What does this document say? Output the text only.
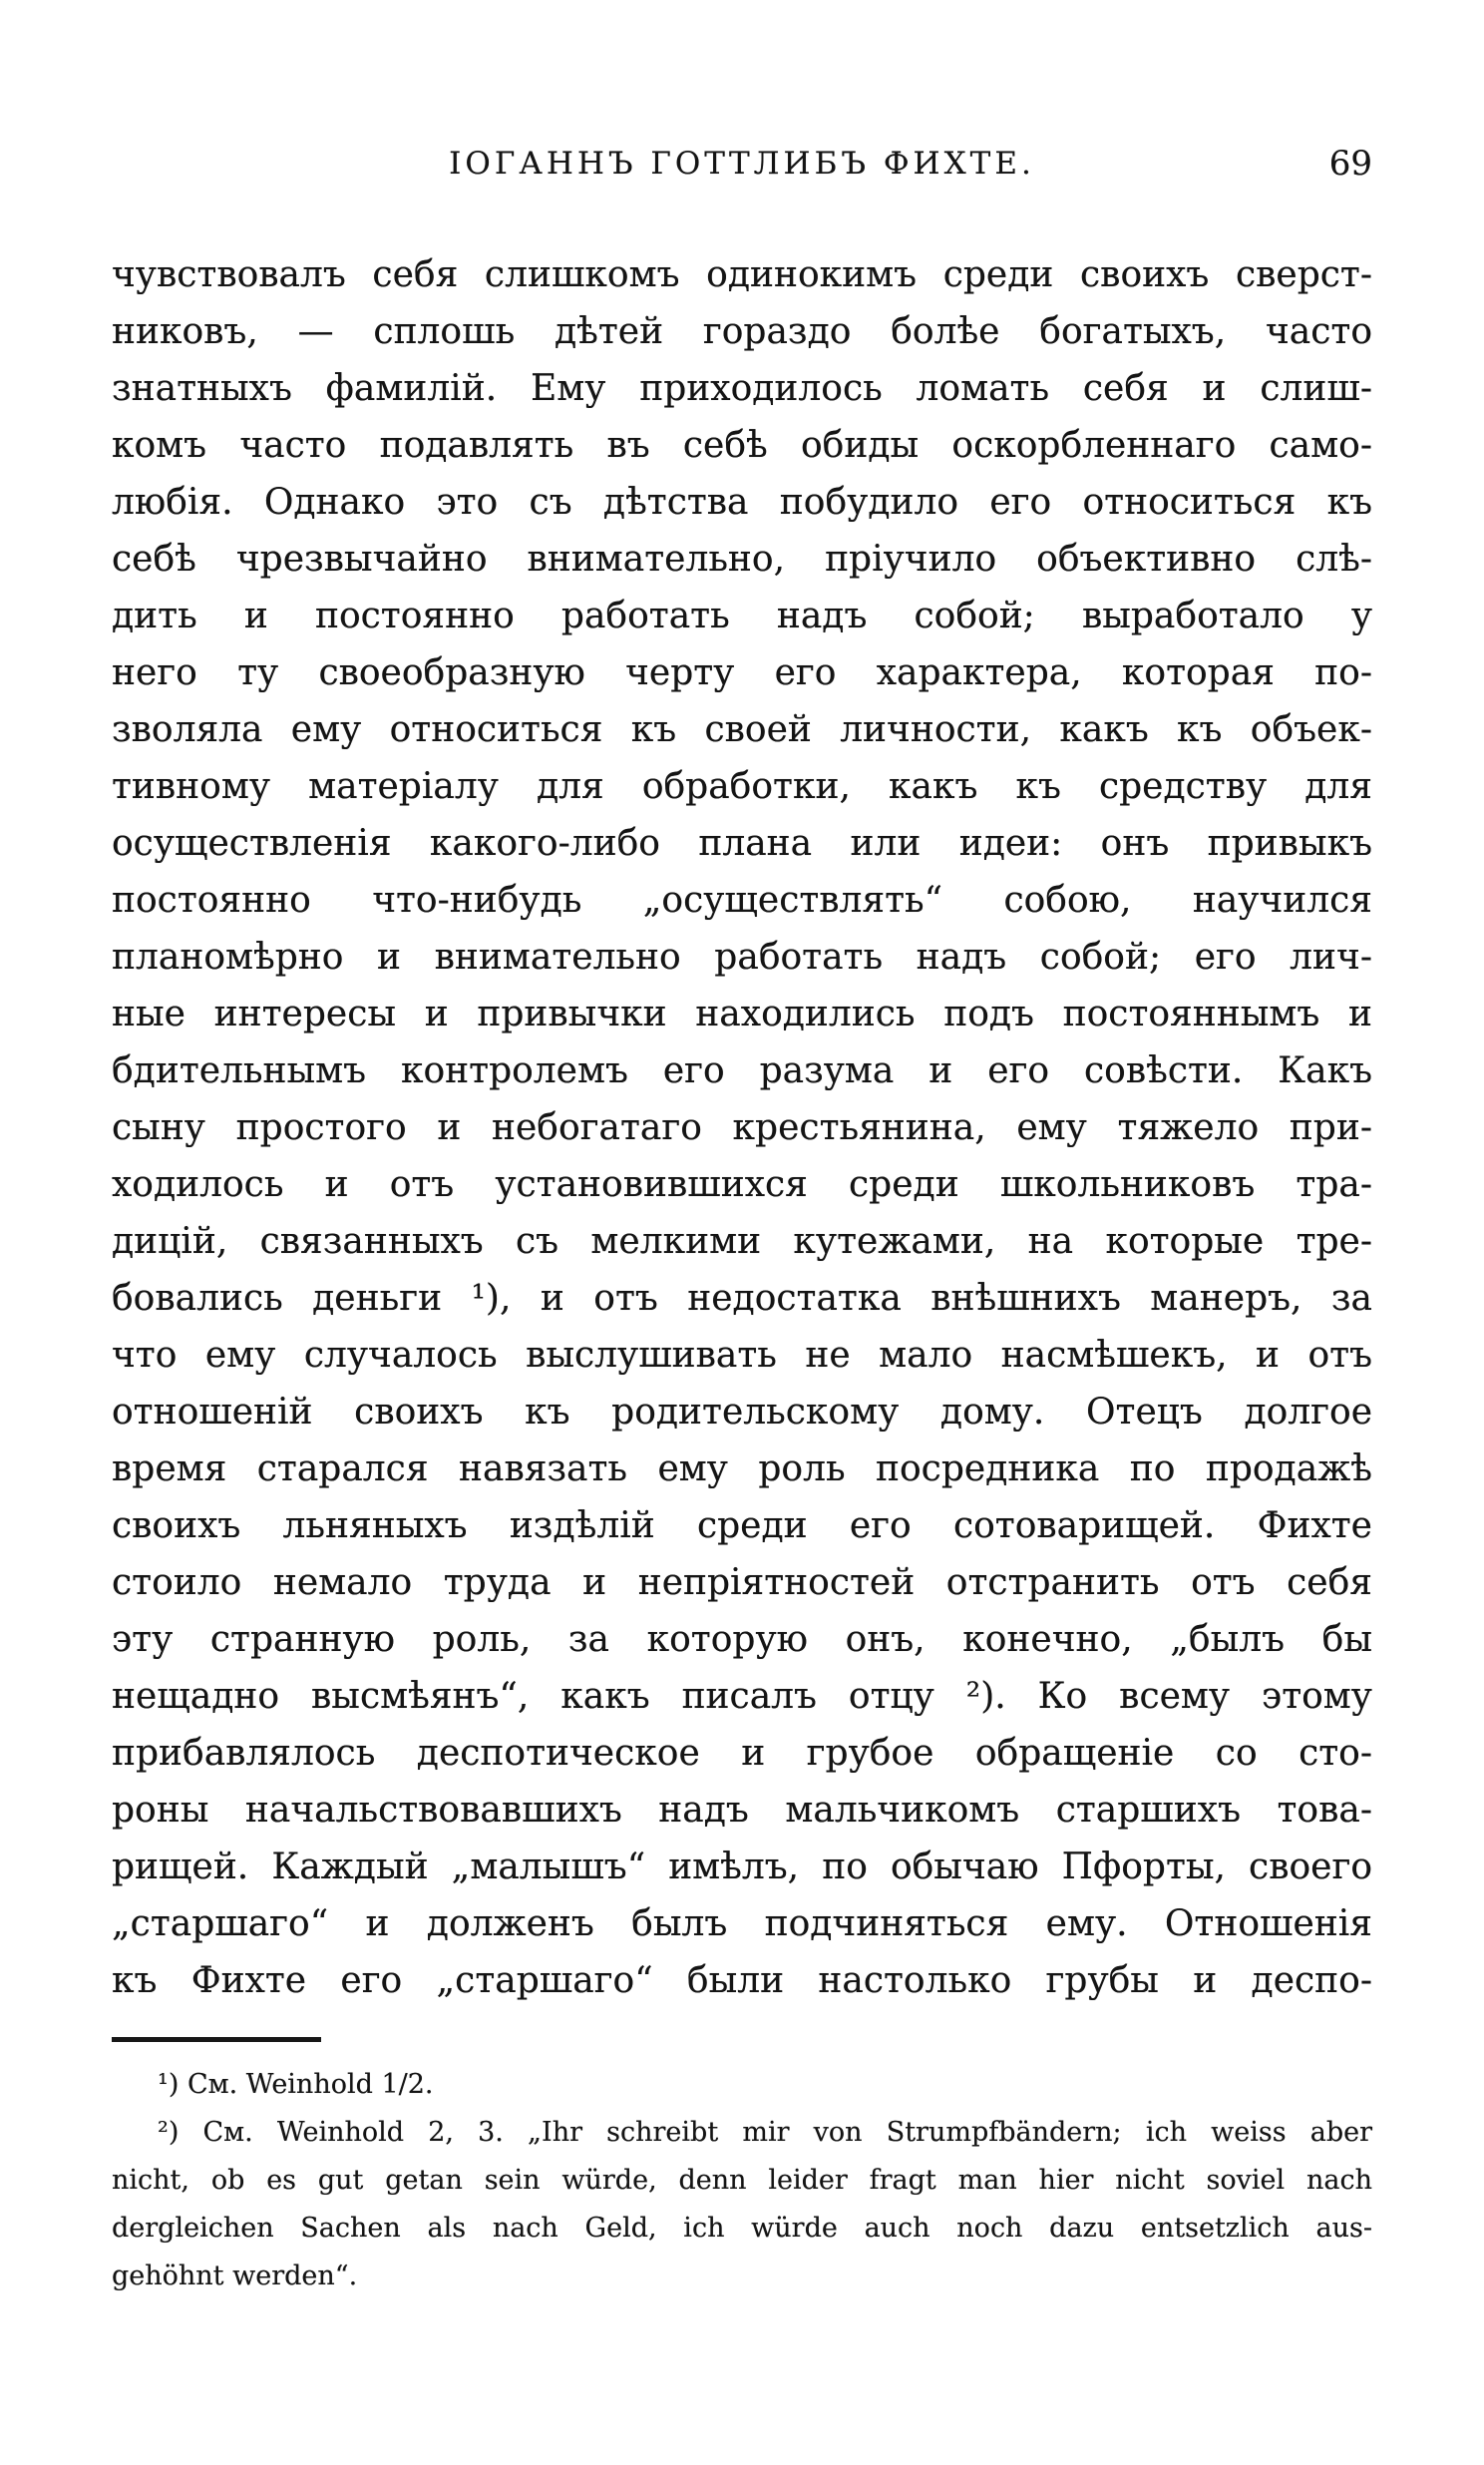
ІОГАННЪ ГОТТЛИБЪ ФИХТЕ.	69
чувствовалъ себя слишкомъ одинокимъ среди своихъ сверст-
никовъ, — сплошь дѣтей гораздо болѣе богатыхъ, часто
знатныхъ фамилій. Ему приходилось ломать себя и слиш-
комъ часто подавлять въ себѣ обиды оскорбленнаго само-
любія. Однако это съ дѣтства побудило его относиться къ
себѣ чрезвычайно внимательно, пріучило объективно слѣ-
дить и постоянно работать надъ собой; выработало у
него ту своеобразную черту его характера, которая по-
зволяла ему относиться къ своей личности, какъ къ объек-
тивному матеріалу для обработки, какъ къ средству для
осуществленія какого-либо плана или идеи: онъ привыкъ
постоянно что-нибудь „осуществлять“ собою, научился
планомѣрно и внимательно работать надъ собой; его лич-
ные интересы и привычки находились подъ постояннымъ и
бдительнымъ контролемъ его разума и его совѣсти. Какъ
сыну простого и небогатаго крестьянина, ему тяжело при-
ходилось и отъ установившихся среди школьниковъ тра-
дицій, связанныхъ съ мелкими кутежами, на которые тре-
бовались деньги ¹), и отъ недостатка внѣшнихъ манеръ, за
что ему случалось выслушивать не мало насмѣшекъ, и отъ
отношеній своихъ къ родительскому дому. Отецъ долгое
время старался навязать ему роль посредника по продажѣ
своихъ льняныхъ издѣлій среди его сотоварищей. Фихте
стоило немало труда и непріятностей отстранить отъ себя
эту странную роль, за которую онъ, конечно, „былъ бы
нещадно высмѣянъ“, какъ писалъ отцу ²). Ко всему этому
прибавлялось деспотическое и грубое обращеніе со сто-
роны начальствовавшихъ надъ мальчикомъ старшихъ това-
рищей. Каждый „малышъ“ имѣлъ, по обычаю Пфорты, своего
„старшаго“ и долженъ былъ подчиняться ему. Отношенія
къ Фихте его „старшаго“ были настолько грубы и деспо-
¹) См. Weinhold 1/2.
²) См. Weinhold 2, 3. „Ihr schreibt mir von Strumpfbändern; ich weiss aber
nicht, ob es gut getan sein würde, denn leider fragt man hier nicht soviel nach
dergleichen Sachen als nach Geld, ich würde auch noch dazu entsetzlich aus-
gehöhnt werden“.
